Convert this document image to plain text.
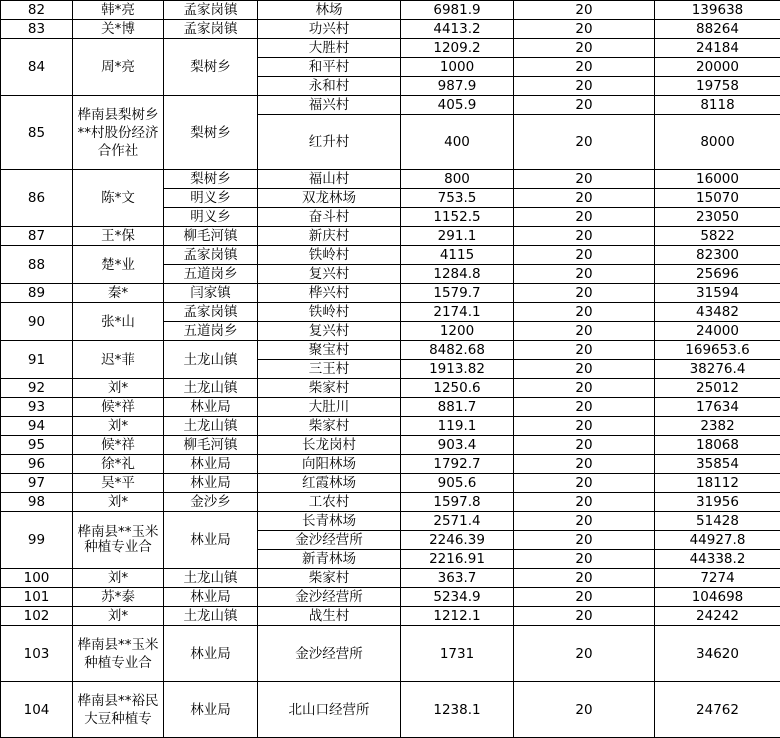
82	韩*亮	孟家岗镇	林场	6981.9	20	139638
83	关*博	孟家岗镇	功兴村	4413.2	20	88264
84	周*亮	梨树乡	大胜村	1209.2	20	24184
			和平村	1000	20	20000
			永和村	987.9	20	19758
85	桦南县梨树乡**村股份经济合作社	梨树乡	福兴村	405.9	20	8118
			红升村	400	20	8000
86	陈*文	梨树乡	福山村	800	20	16000
		明义乡	双龙林场	753.5	20	15070
		明义乡	奋斗村	1152.5	20	23050
87	王*保	柳毛河镇	新庆村	291.1	20	5822
88	楚*业	孟家岗镇	铁岭村	4115	20	82300
		五道岗乡	复兴村	1284.8	20	25696
89	秦*	闫家镇	桦兴村	1579.7	20	31594
90	张*山	孟家岗镇	铁岭村	2174.1	20	43482
		五道岗乡	复兴村	1200	20	24000
91	迟*菲	土龙山镇	聚宝村	8482.68	20	169653.6
			三王村	1913.82	20	38276.4
92	刘*	土龙山镇	柴家村	1250.6	20	25012
93	候*祥	林业局	大肚川	881.7	20	17634
94	刘*	土龙山镇	柴家村	119.1	20	2382
95	候*祥	柳毛河镇	长龙岗村	903.4	20	18068
96	徐*礼	林业局	向阳林场	1792.7	20	35854
97	吴*平	林业局	红霞林场	905.6	20	18112
98	刘*	金沙乡	工农村	1597.8	20	31956
99	桦南县**玉米种植专业合	林业局	长青林场	2571.4	20	51428
			金沙经营所	2246.39	20	44927.8
			新青林场	2216.91	20	44338.2
100	刘*	土龙山镇	柴家村	363.7	20	7274
101	苏*泰	林业局	金沙经营所	5234.9	20	104698
102	刘*	土龙山镇	战生村	1212.1	20	24242
103	桦南县**玉米种植专业合	林业局	金沙经营所	1731	20	34620
104	桦南县**裕民大豆种植专	林业局	北山口经营所	1238.1	20	24762
